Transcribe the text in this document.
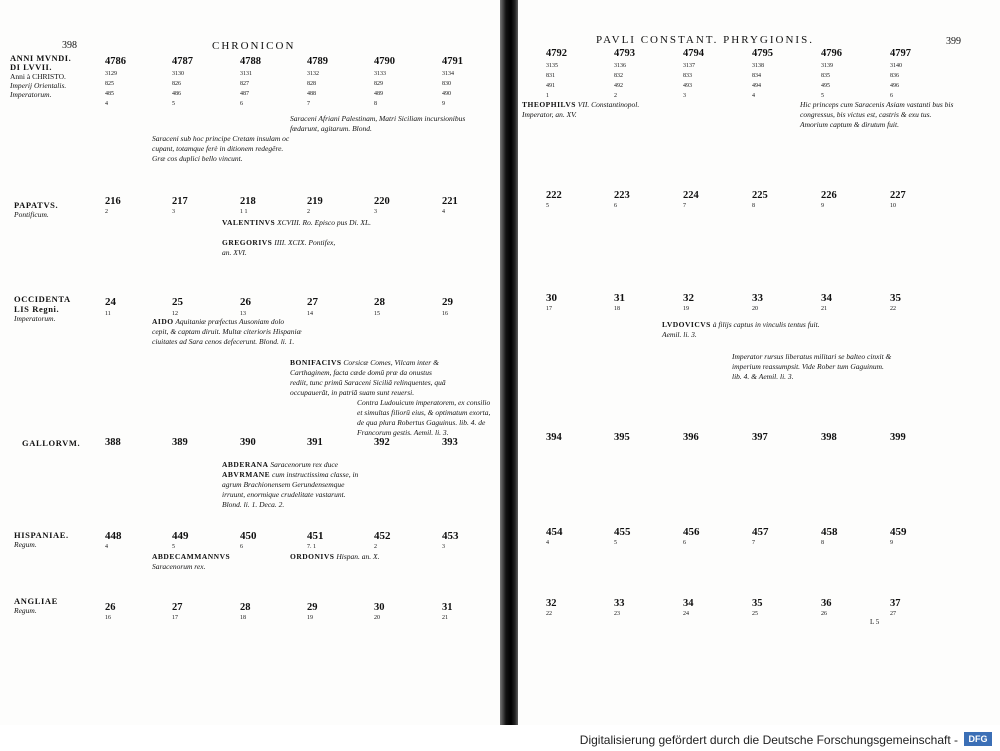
398	CHRONICON
ANNI MVNDI.
DI LVVII.
Anni à CHRISTO.
Imperij Orientalis.
Imperatorum.
4786	4787	4788	4789	4790	4791
3129	3130	3131	3132	3133	3134
825	826	827	828	829	830
485	486	487	488	489	490
4	5	6	7	8	9
Saraceni Afriani Palestinam, Matri Siciliam incursionibus fœdarunt, agitarum. Blond.
Saraceni sub hoc principe Cretam insulam oc cupant, totamque ferè in ditionem redegêre. Græ cos duplici bello vincunt.
PAPATVS.
Pontificum.
216	217	218	219	220	221
2	3	1 1	2	3	4
VALENTINVS XCVIII. Ro. Episco pus Di. XL.
GREGORIVS IIII. XCIX. Pontifex, an. XVI.
OCCIDENTA LIS Regni.
Imperatorum.
24	25	26	27	28	29
11	12	13	14	15	16
AIDO Aquitaniæ præfectus Ausoniam dolo cepit, & captam diruit. Multæ citerioris Hispaniæ ciuitates ad Sara cenos defecerunt. Blond. li. 1.
BONIFACIVS Corsicæ Comes, Vilcam inter & Carthaginem, facta cæde domû præ da onustus rediit, tunc primū Saraceni Siciliā relinquentes, quā occupauerāt, in patriā suam sunt reuersi.
Contra Ludouicum imperatorem, ex consilio et simultas filiorū eius, & optimatum exorta, de qua plura Robertus Gaguinus. lib. 4. de Francorum gestis. Aemil. li. 3.
GALLORVM. 388	389	390	391	392	393
ABDERANA Saracenorum rex duce ABVRMANE cum instructissima classe, in agrum Brachionensem Gerundensemque irruunt, enormique crudelitate vastarunt. Blond. li. 1. Deca. 2.
HISPANIAE.
Regum.
448	449	450	451	452	453
4	5	6	7. 1	2	3
ABDECAMMANNVS
Saracenorum rex.
ORDONIVS Hispan. an. X.
ANGLIAE
Regum.	26	27	28	29	30	31
16	17	18	19	20	21
PAVLI CONSTANT. PHRYGIONIS.	399
4792	4793	4794	4795	4796	4797
3135	3136	3137	3138	3139	3140
831	832	833	834	835	836
491	492	493	494	495	496
1	2	3	4	5	6
THEOPHILVS VII. Constantinopol. Imperator, an. XV.
Hic princeps cum Saracenis Asiam vastanti bus bis congressus, bis victus est, castris & exu tus. Amorium captum & dirutum fuit.
222	223	224	225	226	227
5	6	7	8	9	10
30	31	32	33	34	35
17	18	19	20	21	22
LVDOVICVS à filijs captus in vinculis tentus fuit. Aemil. li. 3.
Imperator rursus liberatus militari se balteo cinxit & imperium reassumpsit. Vide Rober tum Gaguinum. lib. 4. & Aemil. li. 3.
394	395	396	397	398	399
454	455	456	457	458	459
4	5	6	7	8	9
32	33	34	35	36	37
22	23	24	25	26	27
L 5
Digitalisierung gefördert durch die Deutsche Forschungsgemeinschaft -	DFG
